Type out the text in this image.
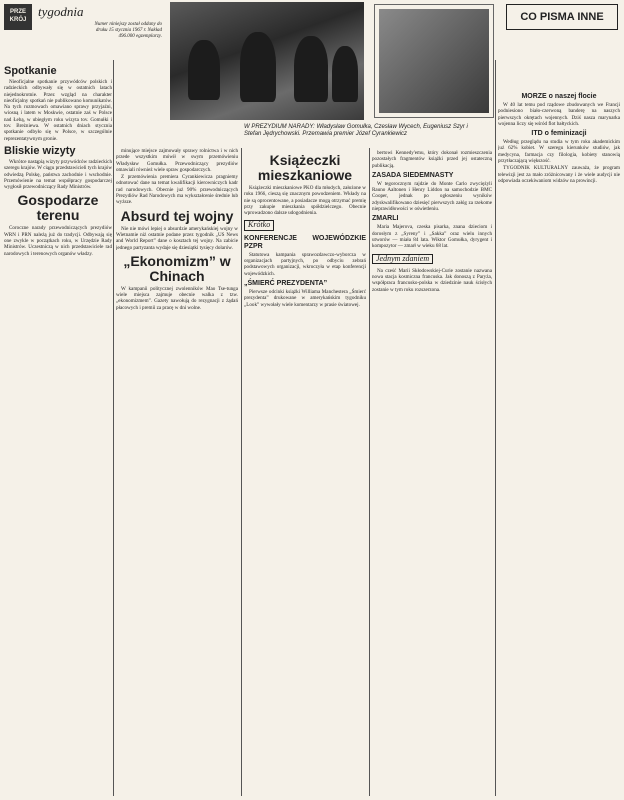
PRZE KRÓJ
tygodnia
Numer niniejszy został oddany do druku 15 stycznia 1967 r. Nakład 496.000 egzemplarzy.
W PREZYDIUM NARADY: Władysław Gomułka, Czesław Wycech, Eugeniusz Szyr i Stefan Jędrychowski. Przemawia premier Józef Cyrankiewicz
CO PISMA INNE
Spotkanie

Nieoficjalne spotkanie przywódców polskich i radzieckich odbywały się w ostatnich latach niejednokrotnie. Przez wzgląd na charakter nieoficjalny spotkań nie publikowano komunikatów. Na tych rozmowach omawiano sprawy przyjaźni, wiosną i latem w Moskwie, ostatnie zaś w Polsce nad Łebą, w ubiegłym roku wizyta tov. Gomułki i tov. Breżniewa. W ostatnich dniach stycznia spotkanie odbyło się w Polsce, w szczególnie reprezentatywnym gronie.

Bliskie wizyty

Wkrótce nastąpią wizyty przywódców radzieckich szeregu krajów. W ciągu przedstawicieli tych krajów odwiedzą Polskę, państwa zachodnie i wschodnie. Przemówienie na temat współpracy gospodarczej wygłosił przewodniczący Rady Ministrów.

Gospodarze terenu

Coroczne narady przewodniczących prezydiów WRN i PRN należą już do tradycji. Odbywają się one zwykle w początkach roku, w Urzędzie Rady Ministrów. Uczestniczą w nich przedstawiciele rad narodowych i terenowych organów władzy.

minujące miejsce zajmowały sprawy rolnictwa i w nich przede wszystkim mówił w swym przemówieniu Władysław Gomułka. Przewodniczący prezydiów omawiali również wiele spraw gospodarczych.

Z przemówienia premiera Cyrankiewicza pragniemy odnotować dane na temat kwalifikacji kierowniczych kadr rad narodowych. Obecnie już 90% przewodniczących Prezydiów Rad Narodowych ma wykształcenie średnie lub wyższe.

Absurd tej wojny

Nie nie mówi lepiej o absurdzie amerykańskiej wojny w Wietnamie niż ostatnie podane przez tygodnik „US News and World Report” dane o kosztach tej wojny. Na zabicie jednego partyzanta wydaje się dziesiątki tysięcy dolarów.

„Ekonomizm” w Chinach

W kampanii politycznej zwolenników Mao Tse-tunga wiele miejsca zajmuje obecnie walka z tzw. „ekonomizmem”. Gazety nawołują do rezygnacji z żądań płacowych i premii za pracę w dni wolne.

Książeczki mieszkaniowe

Książeczki mieszkaniowe PKO dla młodych, założone w roku 1966, cieszą się znacznym powodzeniem. Wkłady na nie są oprocentowane, a posiadacze mogą otrzymać premię przy zakupie mieszkania spółdzielczego. Obecnie wprowadzono dalsze udogodnienia.

Krótko
KONFERENCJE WOJEWÓDZKIE PZPR

Statutowa kampania sprawozdawczo-wyborcza w organizacjach partyjnych, po odbyciu zebrań podstawowych organizacji, wkroczyła w etap konferencji wojewódzkich.

„ŚMIERĆ PREZYDENTA”

Pierwsze odcinki książki Williama Manchestera „Śmierć prezydenta” drukowane w amerykańskim tygodniku „Look” wywołały wiele komentarzy w prasie światowej.

bertowi Kennedy'emu, który dokonał rozmieszczenia pozostałych fragmentów książki przed jej ostateczną publikacją.

ZASADA SIEDEMNASTY

W tegorocznym rajdzie do Monte Carlo zwyciężyli Rauno Aaltonen i Henry Liddon na samochodzie BMC Cooper, jednak po ogłoszeniu wyników zdyskwalifikowano dziesięć pierwszych załóg za rzekome nieprawidłowości w oświetleniu.

ZMARLI

Maria Majerova, czeska pisarka, znana dzieciom i dorosłym z „Syreny” i „Sakka” oraz wielu innych utworów — miała 84 lata. Wiktor Gomułka, dyrygent i kompozytor — zmarł w wieku 68 lat.

Jednym zdaniem

Na cześć Marii Skłodowskiej-Curie zostanie nazwana nowa stacja kosmiczna francuska. Jak donoszą z Paryża, współpraca francusko-polska w dziedzinie nauk ścisłych zostanie w tym roku rozszerzona.

MORZE o naszej flocie

W 40 lat temu pod rządowe zbudowanych we Francji podniesiono biało-czerwoną banderę na naszych pierwszych okrętach wojennych. Dziś nasza marynarka wojenna liczy się wśród flot bałtyckich.

ITD o feminizacji

Według przeglądu na studia w tym roku akademickim już 62% kobiet. W szeregu kierunków studiów, jak medycyna, farmacja czy filologia, kobiety stanowią przytłaczającą większość.

TYGODNIK KULTURALNY zauważa, że program telewizji jest za mało zróżnicowany i że wiele audycji nie odpowiada oczekiwaniom widzów na prowincji.
